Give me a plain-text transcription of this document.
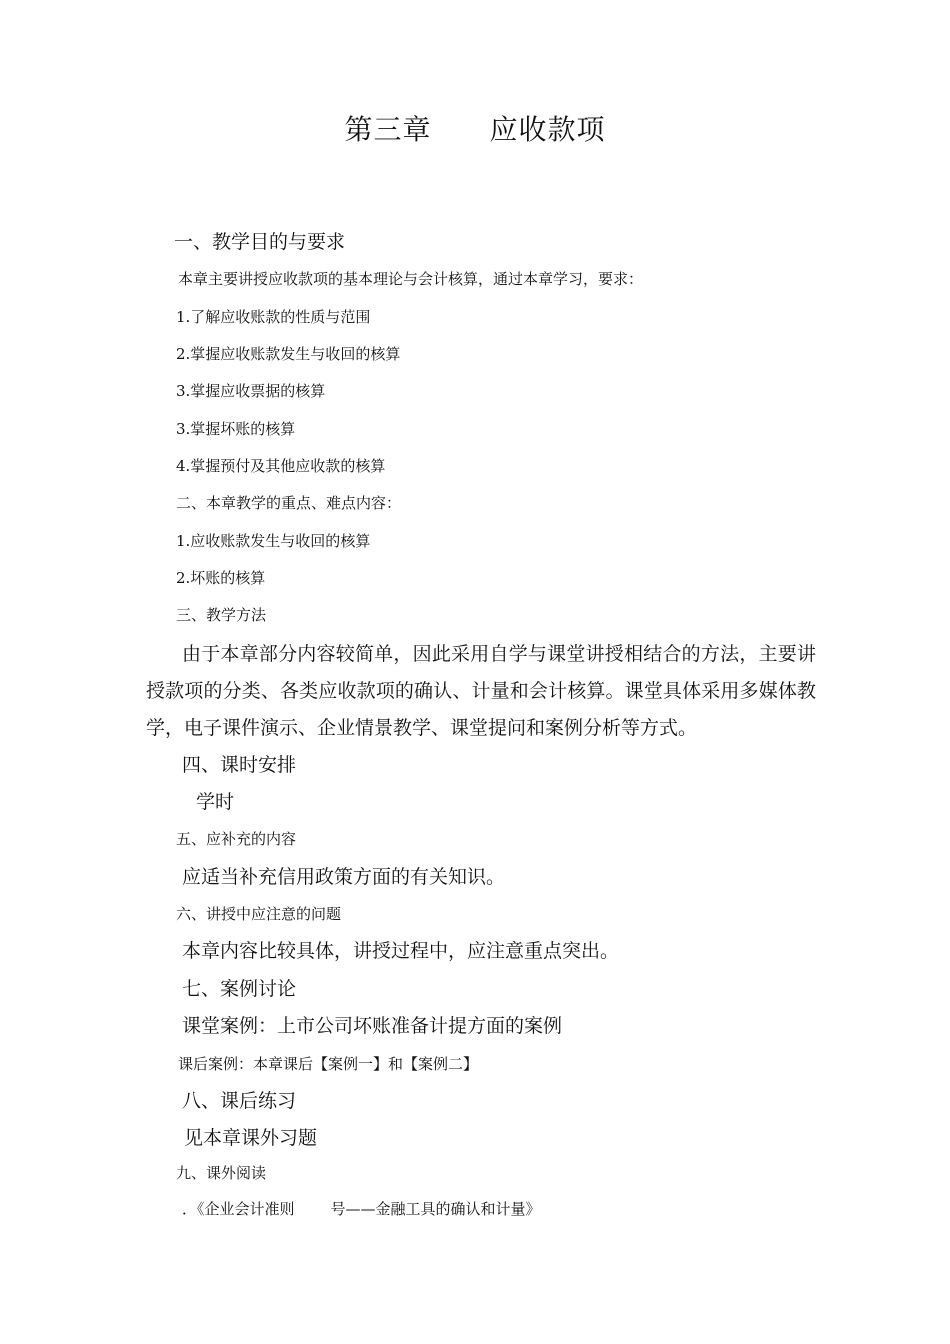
第三章 应收款项
一、教学目的与要求
本章主要讲授应收款项的基本理论与会计核算，通过本章学习，要求：
1.了解应收账款的性质与范围
2.掌握应收账款发生与收回的核算
3.掌握应收票据的核算
3.掌握坏账的核算
4.掌握预付及其他应收款的核算
二、本章教学的重点、难点内容：
1.应收账款发生与收回的核算
2.坏账的核算
三、教学方法
由于本章部分内容较简单，因此采用自学与课堂讲授相结合的方法，主要讲授款项的分类、各类应收款项的确认、计量和会计核算。课堂具体采用多媒体教学，电子课件演示、企业情景教学、课堂提问和案例分析等方式。
四、课时安排
学时
五、应补充的内容
应适当补充信用政策方面的有关知识。
六、讲授中应注意的问题
本章内容比较具体，讲授过程中，应注意重点突出。
七、案例讨论
课堂案例：上市公司坏账准备计提方面的案例
课后案例：本章课后【案例一】和【案例二】
八、课后练习
见本章课外习题
九、课外阅读
．《企业会计准则 号——金融工具的确认和计量》
